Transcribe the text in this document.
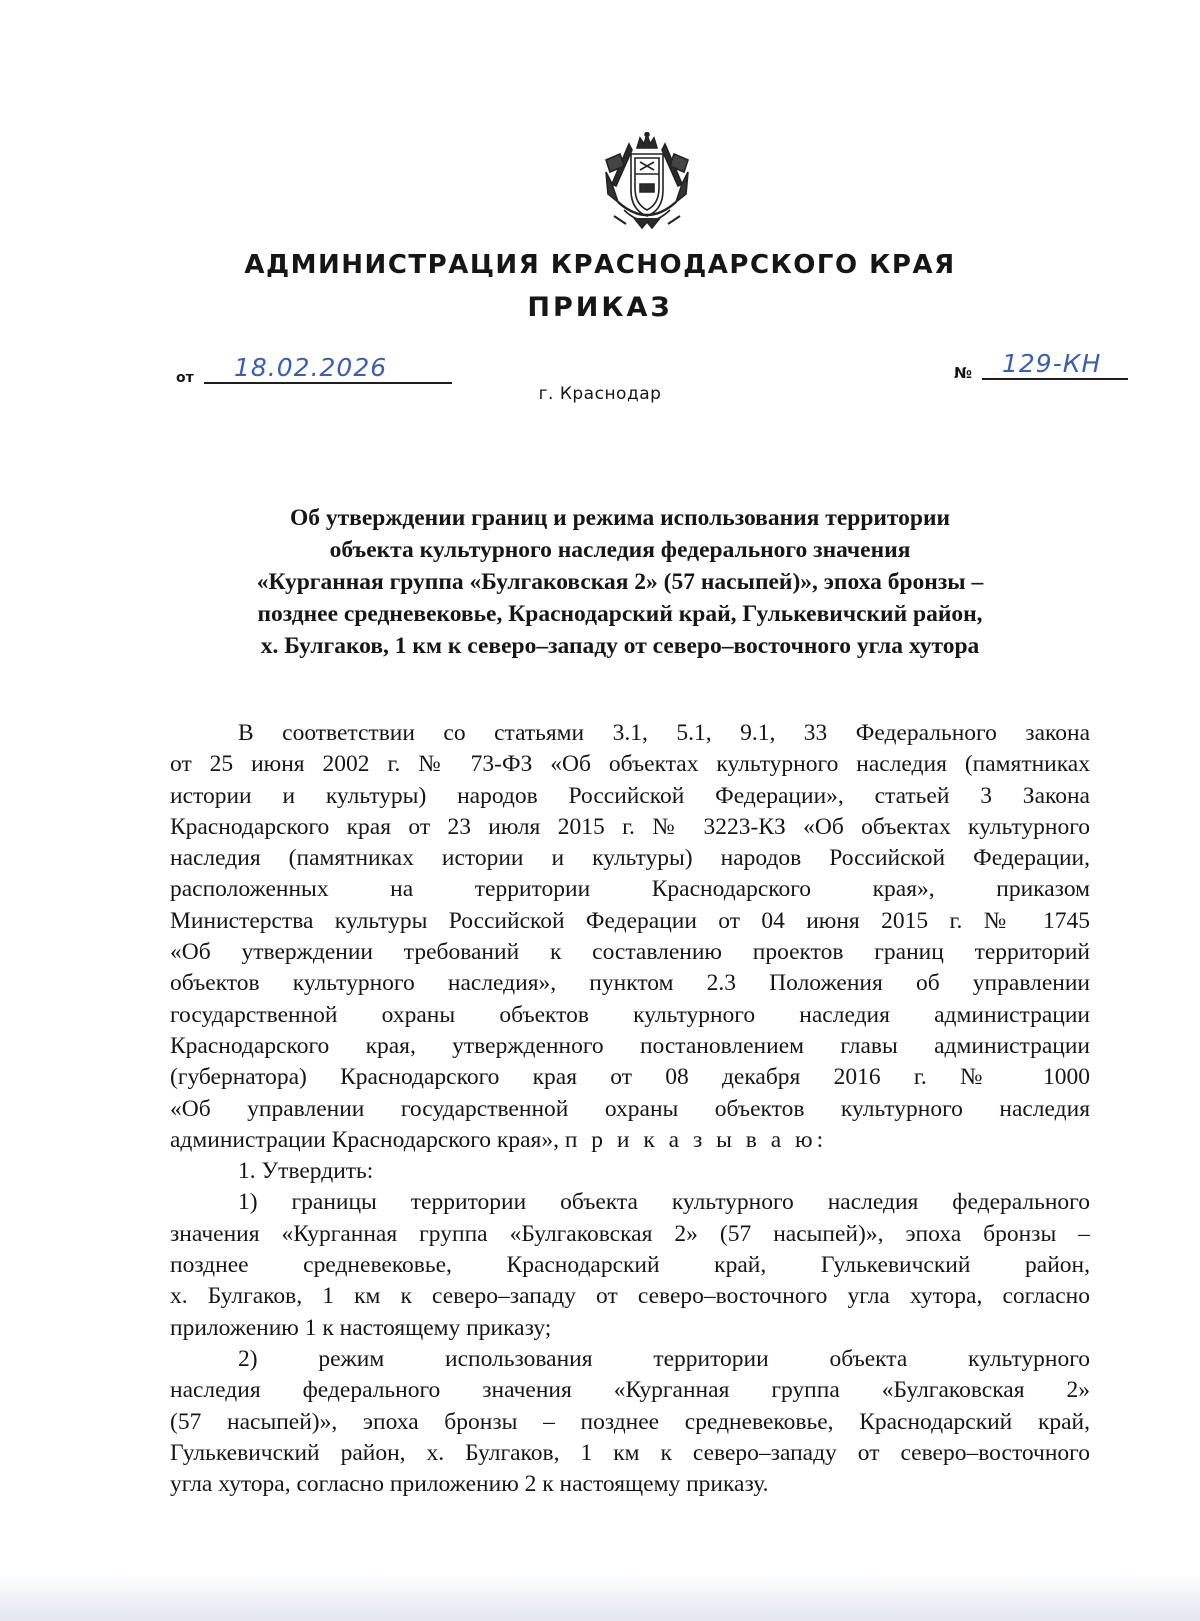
АДМИНИСТРАЦИЯ КРАСНОДАРСКОГО КРАЯ
ПРИКАЗ
от 18.02.2026	№ 129-КН
г. Краснодар
Об утверждении границ и режима использования территории
объекта культурного наследия федерального значения
«Курганная группа «Булгаковская 2» (57 насыпей)», эпоха бронзы –
позднее средневековье, Краснодарский край, Гулькевичский район,
х. Булгаков, 1 км к северо–западу от северо–восточного угла хутора
В соответствии со статьями 3.1, 5.1, 9.1, 33 Федерального закона
от 25 июня 2002 г. № 73-ФЗ «Об объектах культурного наследия (памятниках
истории и культуры) народов Российской Федерации», статьей 3 Закона
Краснодарского края от 23 июля 2015 г. № 3223-КЗ «Об объектах культурного
наследия (памятниках истории и культуры) народов Российской Федерации,
расположенных на территории Краснодарского края», приказом
Министерства культуры Российской Федерации от 04 июня 2015 г. № 1745
«Об утверждении требований к составлению проектов границ территорий
объектов культурного наследия», пунктом 2.3 Положения об управлении
государственной охраны объектов культурного наследия администрации
Краснодарского края, утвержденного постановлением главы администрации
(губернатора) Краснодарского края от 08 декабря 2016 г. № 1000
«Об управлении государственной охраны объектов культурного наследия
администрации Краснодарского края», п р и к а з ы в а ю:
1. Утвердить:
1) границы территории объекта культурного наследия федерального
значения «Курганная группа «Булгаковская 2» (57 насыпей)», эпоха бронзы –
позднее средневековье, Краснодарский край, Гулькевичский район,
х. Булгаков, 1 км к северо–западу от северо–восточного угла хутора, согласно
приложению 1 к настоящему приказу;
2) режим использования территории объекта культурного
наследия федерального значения «Курганная группа «Булгаковская 2»
(57 насыпей)», эпоха бронзы – позднее средневековье, Краснодарский край,
Гулькевичский район, х. Булгаков, 1 км к северо–западу от северо–восточного
угла хутора, согласно приложению 2 к настоящему приказу.
